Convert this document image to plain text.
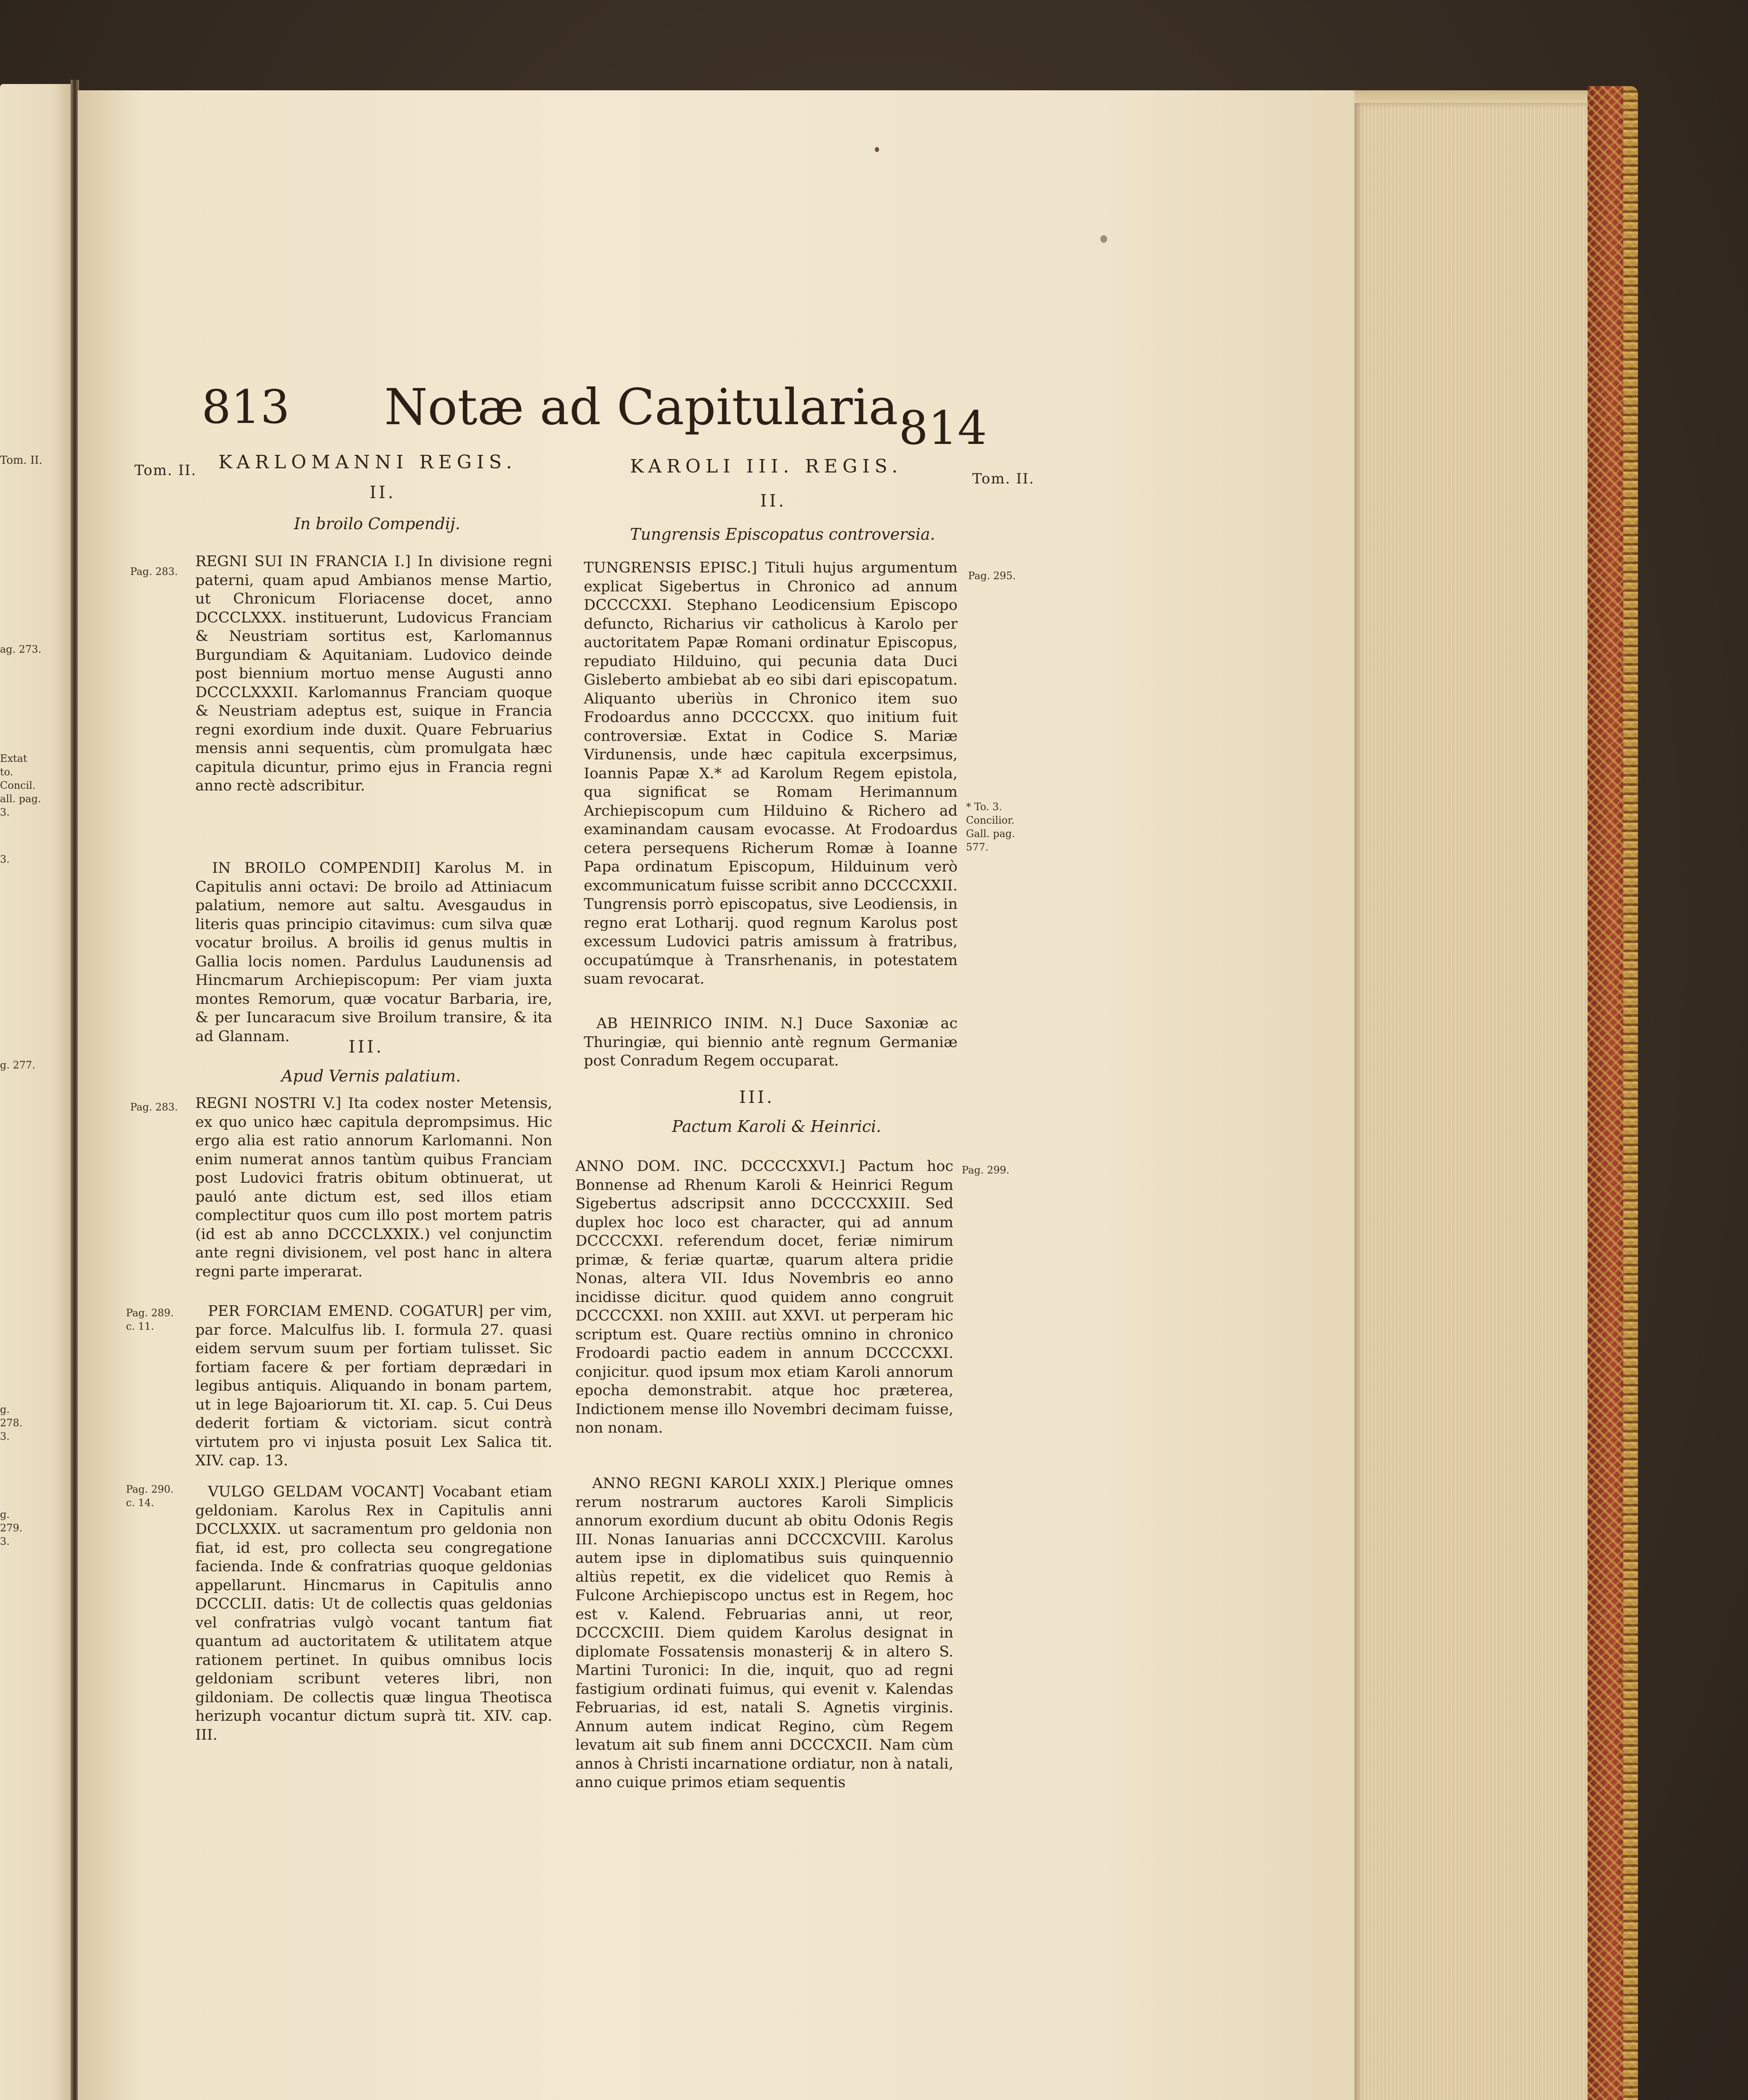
Tom. II.
ag. 273.
Extat to. Concil. all. pag. 3.
3.
g. 277.
g. 278. 3.
g. 279. 3.
813 Notæ ad Capitularia.
814
Tom. II. KARLOMANNI REGIS.
II.
In broilo Compendij.
Pag. 283.
REGNI SUI IN FRANCIA I.] In divisione regni paterni, quam apud Ambianos mense Martio, ut Chronicum Floriacense docet, anno DCCCLXXX. instituerunt, Ludovicus Franciam & Neustriam sortitus est, Karlomannus Burgundiam & Aquitaniam. Ludovico deinde post biennium mortuo mense Augusti anno DCCCLXXXII. Karlomannus Franciam quoque & Neustriam adeptus est, suique in Francia regni exordium inde duxit. Quare Februarius mensis anni sequentis, cùm promulgata hæc capitula dicuntur, primo ejus in Francia regni anno rectè adscribitur.
IN BROILO COMPENDII] Karolus M. in Capitulis anni octavi: De broilo ad Attiniacum palatium, nemore aut saltu. Avesgaudus in literis quas principio citavimus: cum silva quæ vocatur broilus. A broilis id genus multis in Gallia locis nomen. Pardulus Laudunensis ad Hincmarum Archiepiscopum: Per viam juxta montes Remorum, quæ vocatur Barbaria, ire, & per Iuncaracum sive Broilum transire, & ita ad Glannam.
III.
Apud Vernis palatium.
Pag. 283. REGNI NOSTRI V.] Ita codex noster Metensis, ex quo unico hæc capitula deprompsimus. Hic ergo alia est ratio annorum Karlomanni. Non enim numerat annos tantùm quibus Franciam post Ludovici fratris obitum obtinuerat, ut pauló ante dictum est, sed illos etiam complectitur quos cum illo post mortem patris (id est ab anno DCCCLXXIX.) vel conjunctim ante regni divisionem, vel post hanc in altera regni parte imperarat.
Pag. 289. c. 11.
PER FORCIAM EMEND. COGATUR] per vim, par force. Malculfus lib. I. formula 27. quasi eidem servum suum per fortiam tulisset. Sic fortiam facere & per fortiam deprædari in legibus antiquis. Aliquando in bonam partem, ut in lege Bajoariorum tit. XI. cap. 5. Cui Deus dederit fortiam & victoriam. sicut contrà virtutem pro vi injusta posuit Lex Salica tit. XIV. cap. 13.
Pag. 290. c. 14.
VULGO GELDAM VOCANT] Vocabant etiam geldoniam. Karolus Rex in Capitulis anni DCCLXXIX. ut sacramentum pro geldonia non fiat, id est, pro collecta seu congregatione facienda. Inde & confratrias quoque geldonias appellarunt. Hincmarus in Capitulis anno DCCCLII. datis: Ut de collectis quas geldonias vel confratrias vulgò vocant tantum fiat quantum ad auctoritatem & utilitatem atque rationem pertinet. In quibus omnibus locis geldoniam scribunt veteres libri, non gildoniam. De collectis quæ lingua Theotisca herizuph vocantur dictum suprà tit. XIV. cap. III.
Tom. II.
KAROLI III. REGIS.
II.
Tungrensis Episcopatus controversia.
Pag. 295.
TUNGRENSIS EPISC.] Tituli hujus argumentum explicat Sigebertus in Chronico ad annum DCCCCXXI. Stephano Leodicensium Episcopo defuncto, Richarius vir catholicus à Karolo per auctoritatem Papæ Romani ordinatur Episcopus, repudiato Hilduino, qui pecunia data Duci Gisleberto ambiebat ab eo sibi dari episcopatum. Aliquanto uberiùs in Chronico item suo Frodoardus anno DCCCCXX. quo initium fuit controversiæ. Extat in Codice S. Mariæ Virdunensis, unde hæc capitula excerpsimus, Ioannis Papæ X.* ad Karolum Regem epistola, qua significat se Romam Herimannum Archiepiscopum cum Hilduino & Richero ad examinandam causam evocasse. At Frodoardus cetera persequens Richerum Romæ à Ioanne Papa ordinatum Episcopum, Hilduinum verò excommunicatum fuisse scribit anno DCCCCXXII. Tungrensis porrò episcopatus, sive Leodiensis, in regno erat Lotharij. quod regnum Karolus post excessum Ludovici patris amissum à fratribus, occupatúmque à Transrhenanis, in potestatem suam revocarat.
* To. 3. Concilior. Gall. pag. 577.
AB HEINRICO INIM. N.] Duce Saxoniæ ac Thuringiæ, qui biennio antè regnum Germaniæ post Conradum Regem occuparat.
III.
Pactum Karoli & Heinrici.
Pag. 299.
ANNO DOM. INC. DCCCCXXVI.] Pactum hoc Bonnense ad Rhenum Karoli & Heinrici Regum Sigebertus adscripsit anno DCCCCXXIII. Sed duplex hoc loco est character, qui ad annum DCCCCXXI. referendum docet, feriæ nimirum primæ, & feriæ quartæ, quarum altera pridie Nonas, altera VII. Idus Novembris eo anno incidisse dicitur. quod quidem anno congruit DCCCCXXI. non XXIII. aut XXVI. ut perperam hic scriptum est. Quare rectiùs omnino in chronico Frodoardi pactio eadem in annum DCCCCXXI. conjicitur. quod ipsum mox etiam Karoli annorum epocha demonstrabit. atque hoc præterea, Indictionem mense illo Novembri decimam fuisse, non nonam.
ANNO REGNI KAROLI XXIX.] Plerique omnes rerum nostrarum auctores Karoli Simplicis annorum exordium ducunt ab obitu Odonis Regis III. Nonas Ianuarias anni DCCCXCVIII. Karolus autem ipse in diplomatibus suis quinquennio altiùs repetit, ex die videlicet quo Remis à Fulcone Archiepiscopo unctus est in Regem, hoc est v. Kalend. Februarias anni, ut reor, DCCCXCIII. Diem quidem Karolus designat in diplomate Fossatensis monasterij & in altero S. Martini Turonici: In die, inquit, quo ad regni fastigium ordinati fuimus, qui evenit v. Kalendas Februarias, id est, natali S. Agnetis virginis. Annum autem indicat Regino, cùm Regem levatum ait sub finem anni DCCCXCII. Nam cùm annos à Christi incarnatione ordiatur, non à natali, anno cuique primos etiam sequentis
